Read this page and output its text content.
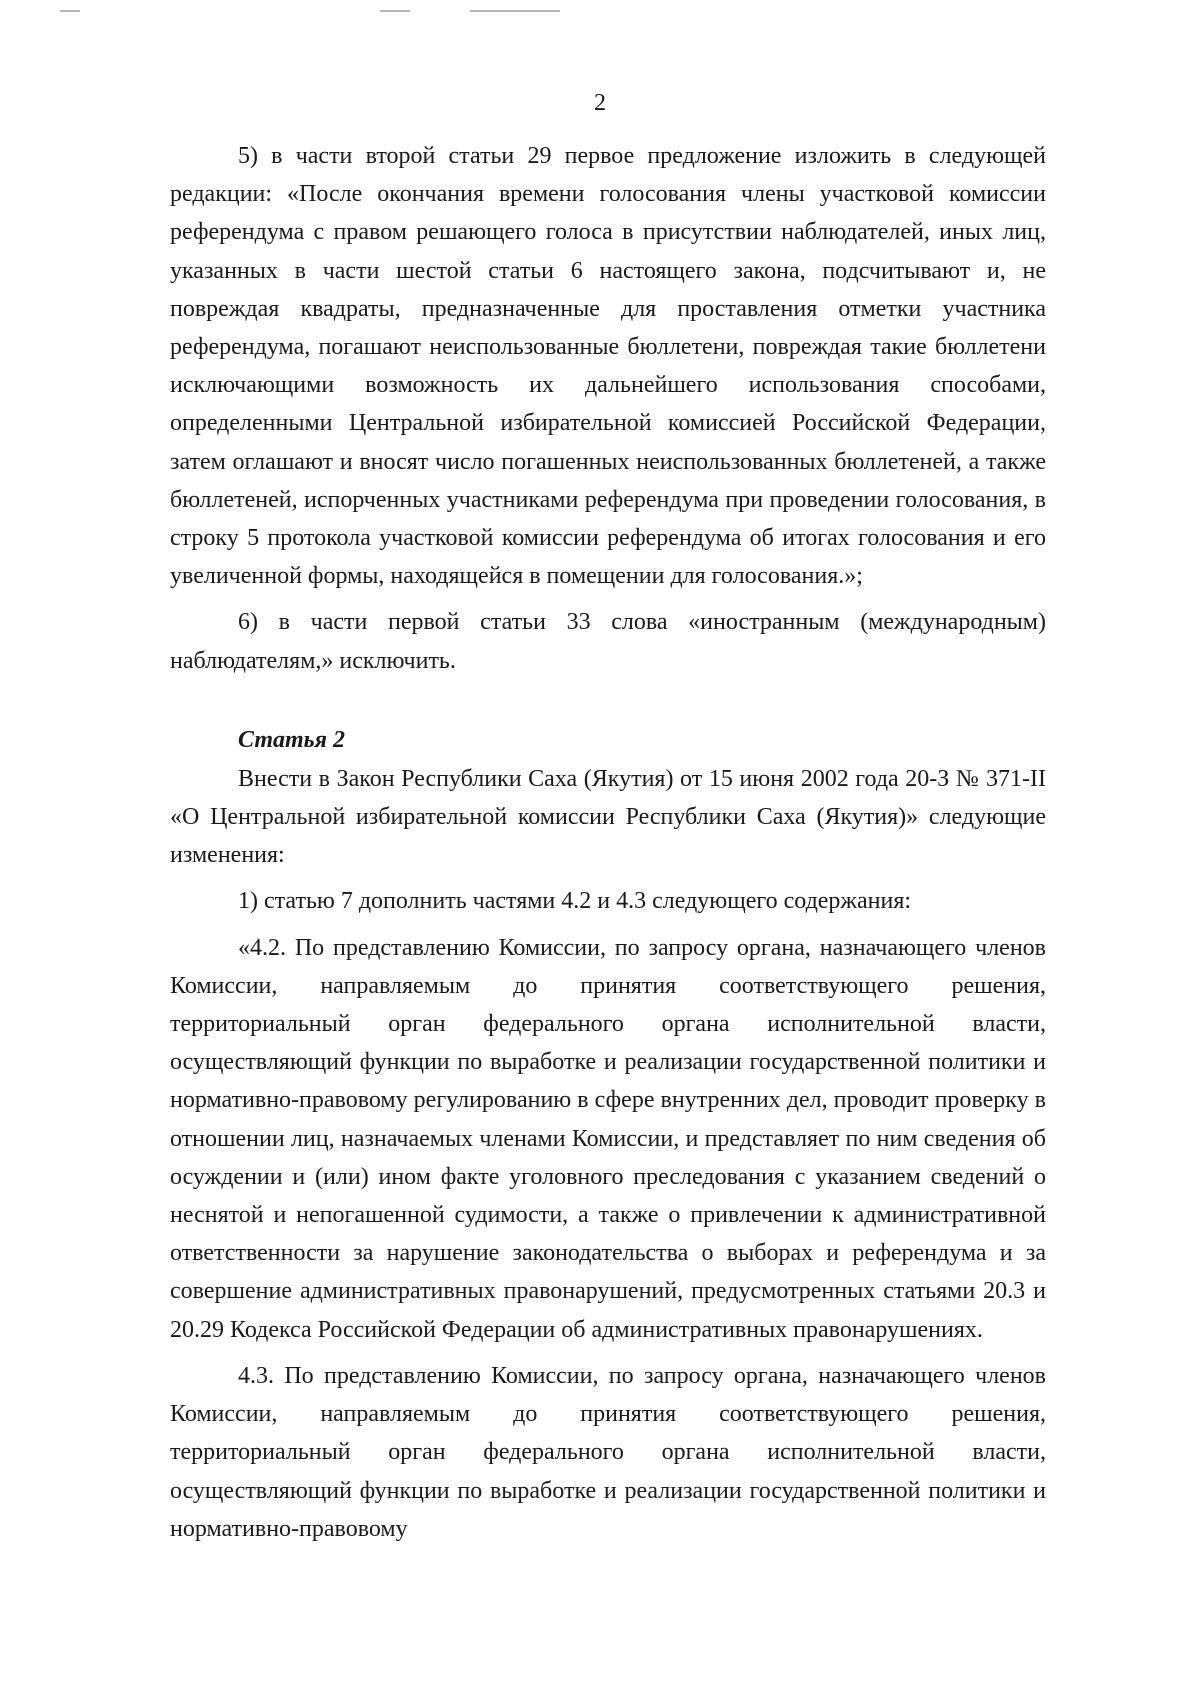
2

5) в части второй статьи 29 первое предложение изложить в следующей редакции: «После окончания времени голосования члены участковой комиссии референдума с правом решающего голоса в присутствии наблюдателей, иных лиц, указанных в части шестой статьи 6 настоящего закона, подсчитывают и, не повреждая квадраты, предназначенные для проставления отметки участника референдума, погашают неиспользованные бюллетени, повреждая такие бюллетени исключающими возможность их дальнейшего использования способами, определенными Центральной избирательной комиссией Российской Федерации, затем оглашают и вносят число погашенных неиспользованных бюллетеней, а также бюллетеней, испорченных участниками референдума при проведении голосования, в строку 5 протокола участковой комиссии референдума об итогах голосования и его увеличенной формы, находящейся в помещении для голосования.»;

6) в части первой статьи 33 слова «иностранным (международным) наблюдателям,» исключить.

Статья 2

Внести в Закон Республики Саха (Якутия) от 15 июня 2002 года 20-З № 371-II «О Центральной избирательной комиссии Республики Саха (Якутия)» следующие изменения:

1) статью 7 дополнить частями 4.2 и 4.3 следующего содержания:

«4.2. По представлению Комиссии, по запросу органа, назначающего членов Комиссии, направляемым до принятия соответствующего решения, территориальный орган федерального органа исполнительной власти, осуществляющий функции по выработке и реализации государственной политики и нормативно-правовому регулированию в сфере внутренних дел, проводит проверку в отношении лиц, назначаемых членами Комиссии, и представляет по ним сведения об осуждении и (или) ином факте уголовного преследования с указанием сведений о неснятой и непогашенной судимости, а также о привлечении к административной ответственности за нарушение законодательства о выборах и референдума и за совершение административных правонарушений, предусмотренных статьями 20.3 и 20.29 Кодекса Российской Федерации об административных правонарушениях.

4.3. По представлению Комиссии, по запросу органа, назначающего членов Комиссии, направляемым до принятия соответствующего решения, территориальный орган федерального органа исполнительной власти, осуществляющий функции по выработке и реализации государственной политики и нормативно-правовому
